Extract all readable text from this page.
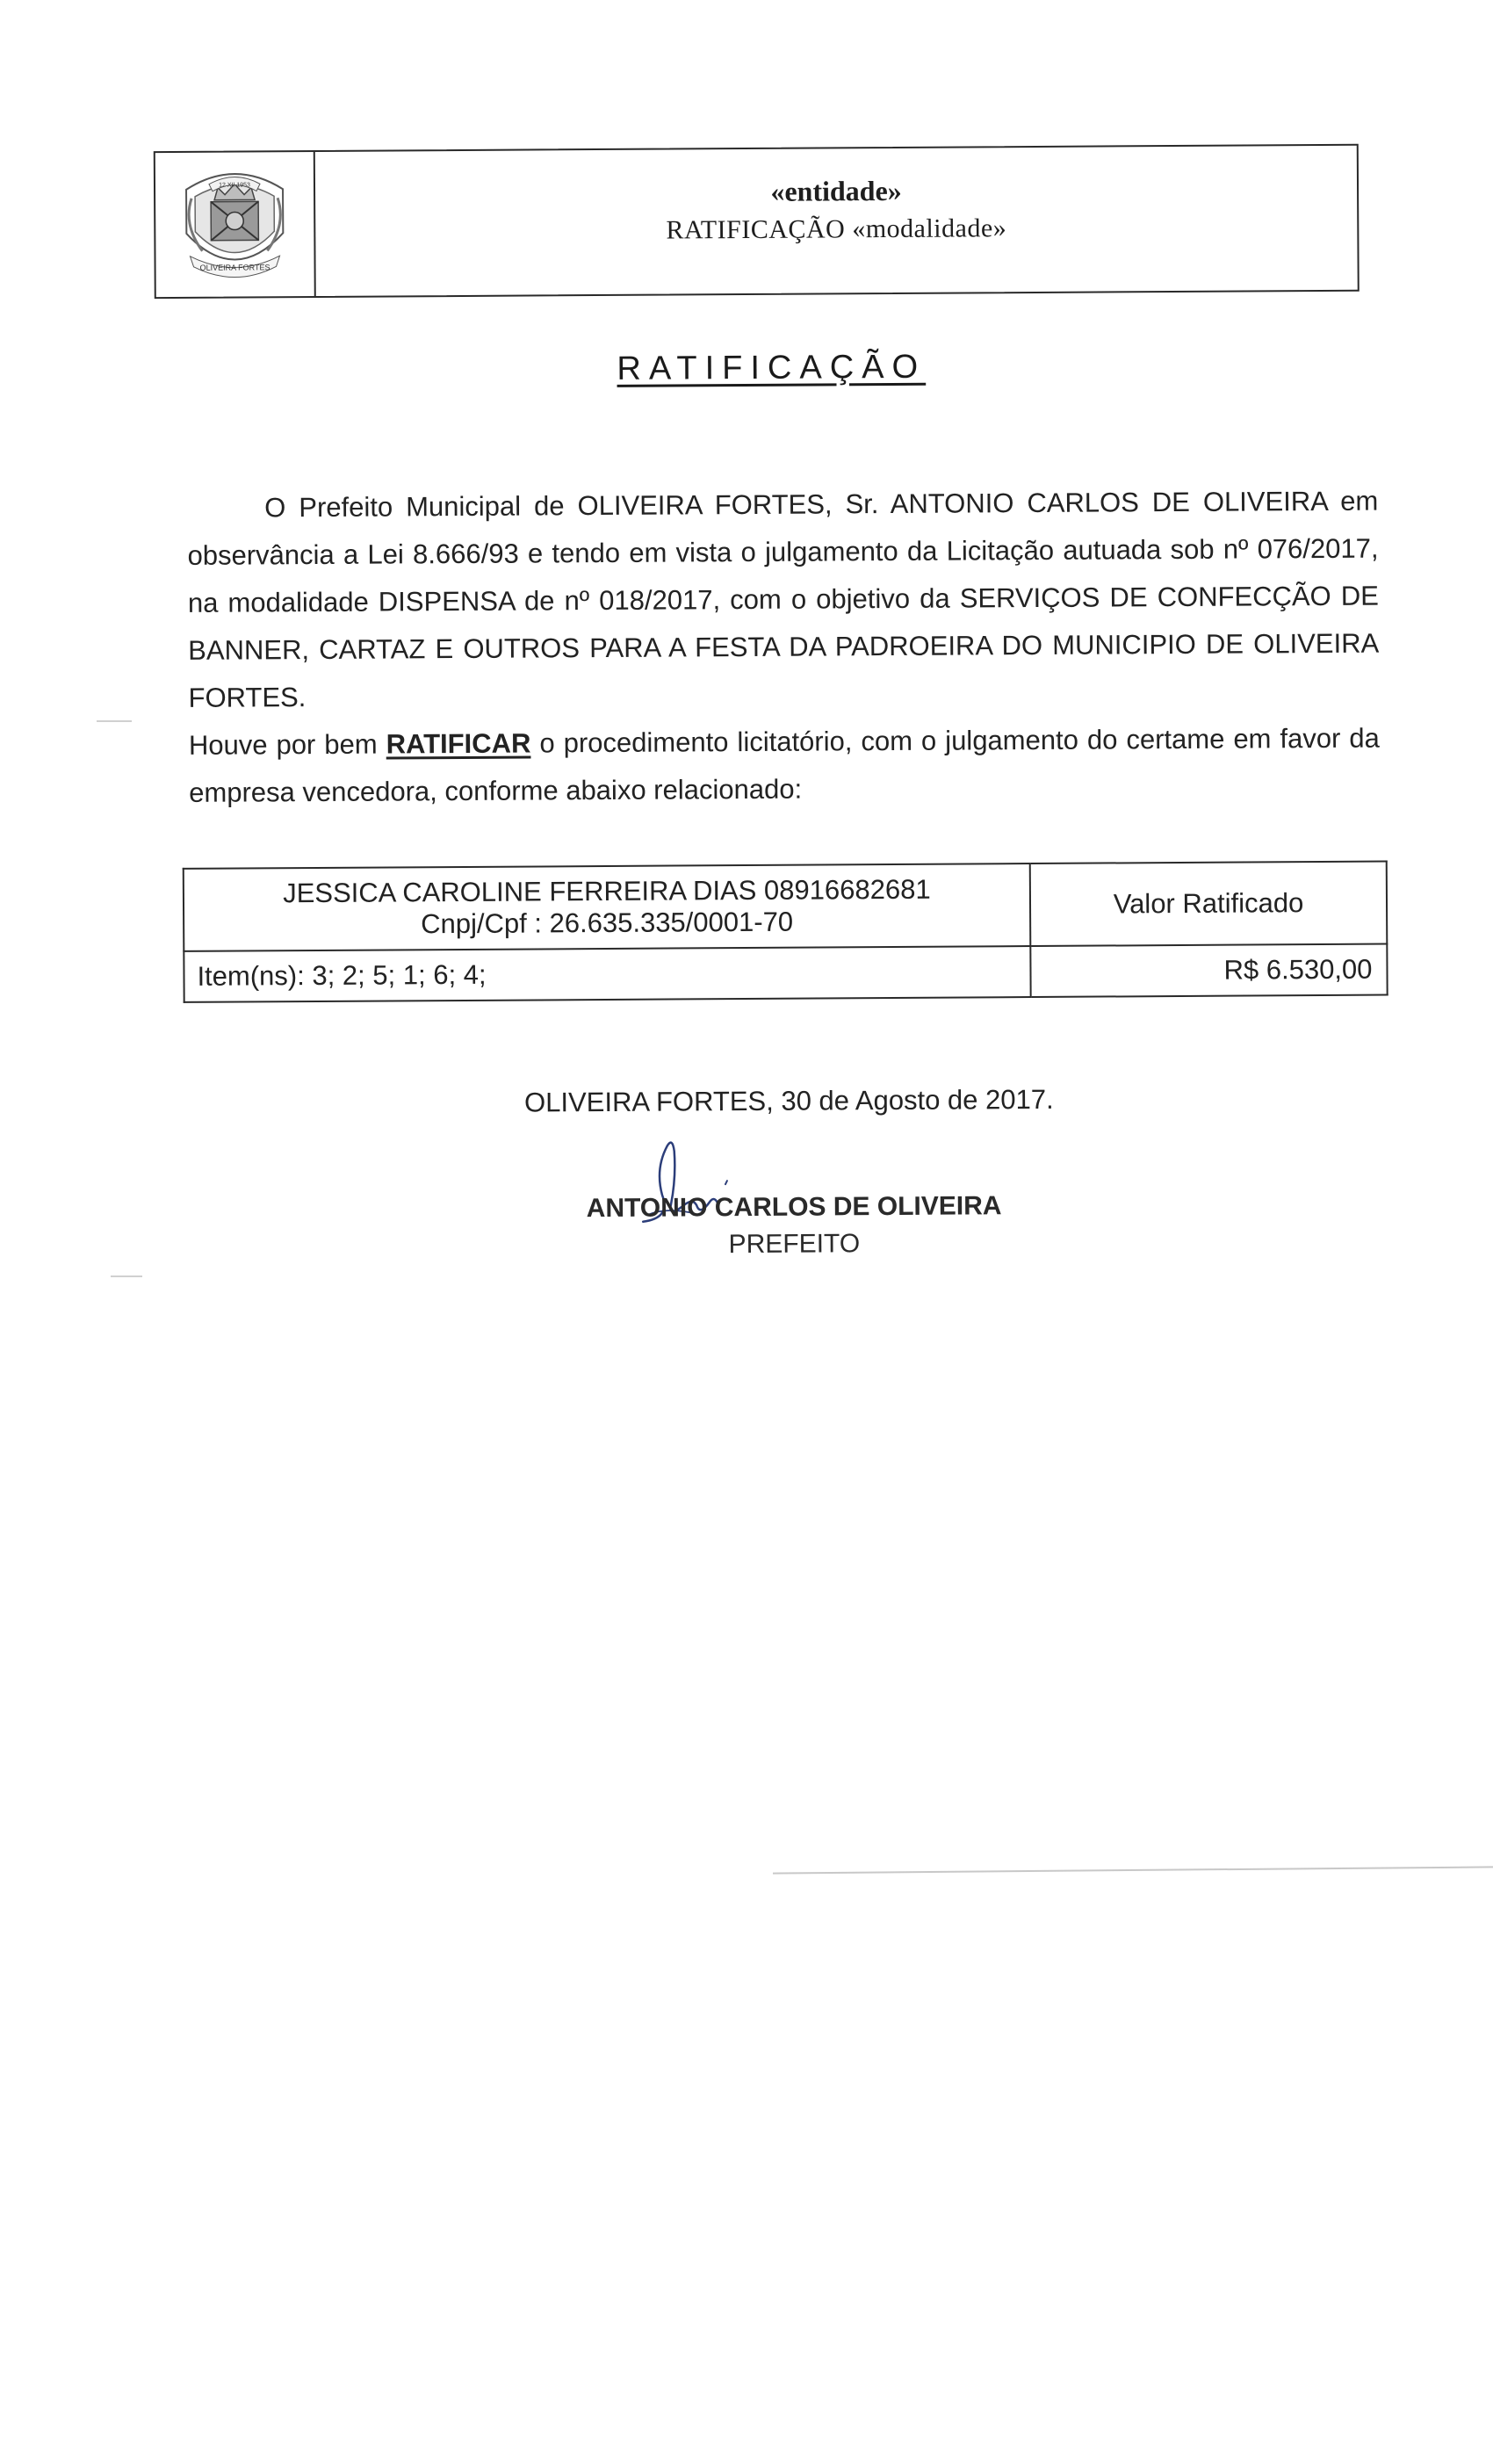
12 XII 1953
OLIVEIRA FORTES
«entidade»
RATIFICAÇÃO «modalidade»
RATIFICAÇÃO

O Prefeito Municipal de OLIVEIRA FORTES, Sr. ANTONIO CARLOS DE OLIVEIRA em observância a Lei 8.666/93 e tendo em vista o julgamento da Licitação autuada sob nº 076/2017, na modalidade DISPENSA de nº 018/2017, com o objetivo da SERVIÇOS DE CONFECÇÃO DE BANNER, CARTAZ E OUTROS PARA A FESTA DA PADROEIRA DO MUNICIPIO DE OLIVEIRA FORTES.

Houve por bem RATIFICAR o procedimento licitatório, com o julgamento do certame em favor da empresa vencedora, conforme abaixo relacionado:

JESSICA CAROLINE FERREIRA DIAS 08916682681
Cnpj/Cpf : 26.635.335/0001-70	Valor Ratificado
Item(ns): 3; 2; 5; 1; 6; 4;	R$ 6.530,00
OLIVEIRA FORTES, 30 de Agosto de 2017.
ANTONIO CARLOS DE OLIVEIRA
PREFEITO
